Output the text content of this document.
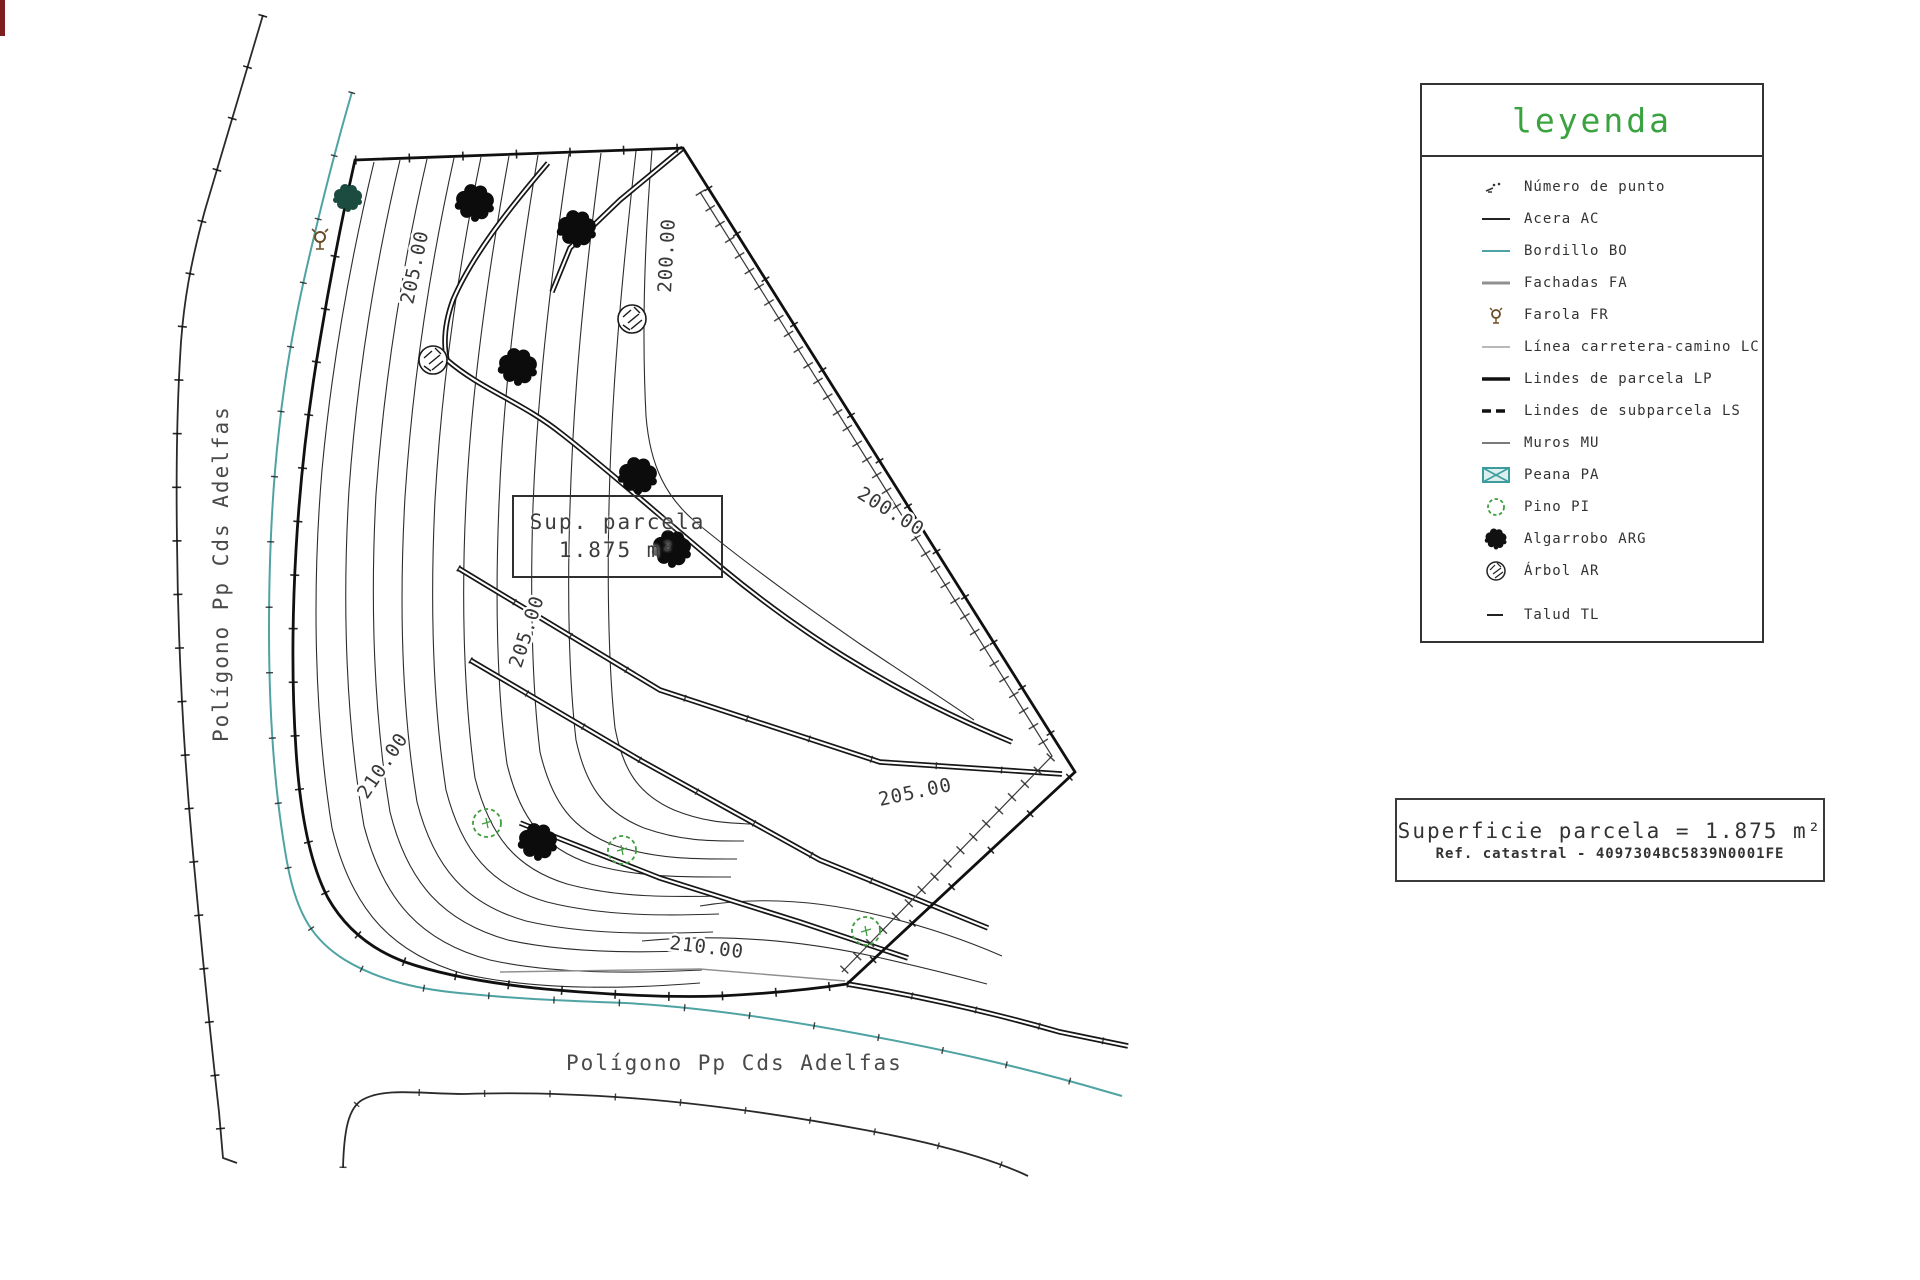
205.00	200.00
200.00
205.00
205.00
210.00
210.00
Polígono Pp Cds Adelfas
Polígono Pp Cds Adelfas
Sup. parcela
1.875 m²
leyenda
Número de punto
Acera AC
Bordillo BO
Fachadas FA
Farola FR
Línea carretera-camino LC
Lindes de parcela LP
Lindes de subparcela LS
Muros MU
Peana PA
Pino PI
Algarrobo ARG
Árbol AR
Talud TL
Superficie parcela = 1.875 m²
Ref. catastral - 4097304BC5839N0001FE
